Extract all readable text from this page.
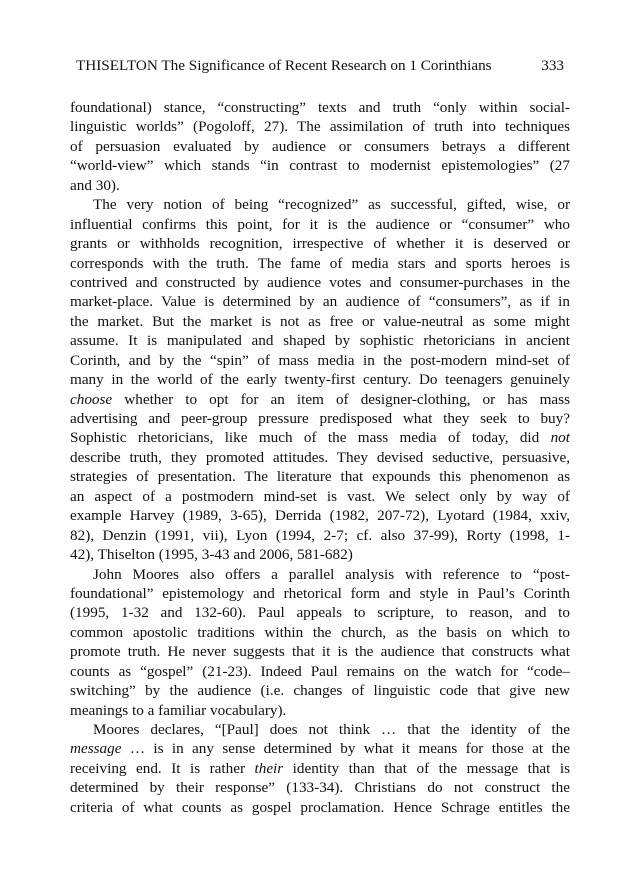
THISELTON The Significance of Recent Research on 1 Corinthians	333
foundational) stance, “constructing” texts and truth “only within social-
linguistic worlds” (Pogoloff, 27). The assimilation of truth into techniques
of persuasion evaluated by audience or consumers betrays a different
“world-view” which stands “in contrast to modernist epistemologies” (27
and 30).
The very notion of being “recognized” as successful, gifted, wise, or
influential confirms this point, for it is the audience or “consumer” who
grants or withholds recognition, irrespective of whether it is deserved or
corresponds with the truth. The fame of media stars and sports heroes is
contrived and constructed by audience votes and consumer-purchases in the
market-place. Value is determined by an audience of “consumers”, as if in
the market. But the market is not as free or value-neutral as some might
assume. It is manipulated and shaped by sophistic rhetoricians in ancient
Corinth, and by the “spin” of mass media in the post-modern mind-set of
many in the world of the early twenty-first century. Do teenagers genuinely
choose whether to opt for an item of designer-clothing, or has mass
advertising and peer-group pressure predisposed what they seek to buy?
Sophistic rhetoricians, like much of the mass media of today, did not
describe truth, they promoted attitudes. They devised seductive, persuasive,
strategies of presentation. The literature that expounds this phenomenon as
an aspect of a postmodern mind-set is vast. We select only by way of
example Harvey (1989, 3-65), Derrida (1982, 207-72), Lyotard (1984, xxiv,
82), Denzin (1991, vii), Lyon (1994, 2-7; cf. also 37-99), Rorty (1998, 1-
42), Thiselton (1995, 3-43 and 2006, 581-682)
John Moores also offers a parallel analysis with reference to “post-
foundational” epistemology and rhetorical form and style in Paul’s Corinth
(1995, 1-32 and 132-60). Paul appeals to scripture, to reason, and to
common apostolic traditions within the church, as the basis on which to
promote truth. He never suggests that it is the audience that constructs what
counts as “gospel” (21-23). Indeed Paul remains on the watch for “code–
switching” by the audience (i.e. changes of linguistic code that give new
meanings to a familiar vocabulary).
Moores declares, “[Paul] does not think … that the identity of the
message … is in any sense determined by what it means for those at the
receiving end. It is rather their identity than that of the message that is
determined by their response” (133-34). Christians do not construct the
criteria of what counts as gospel proclamation. Hence Schrage entitles the
